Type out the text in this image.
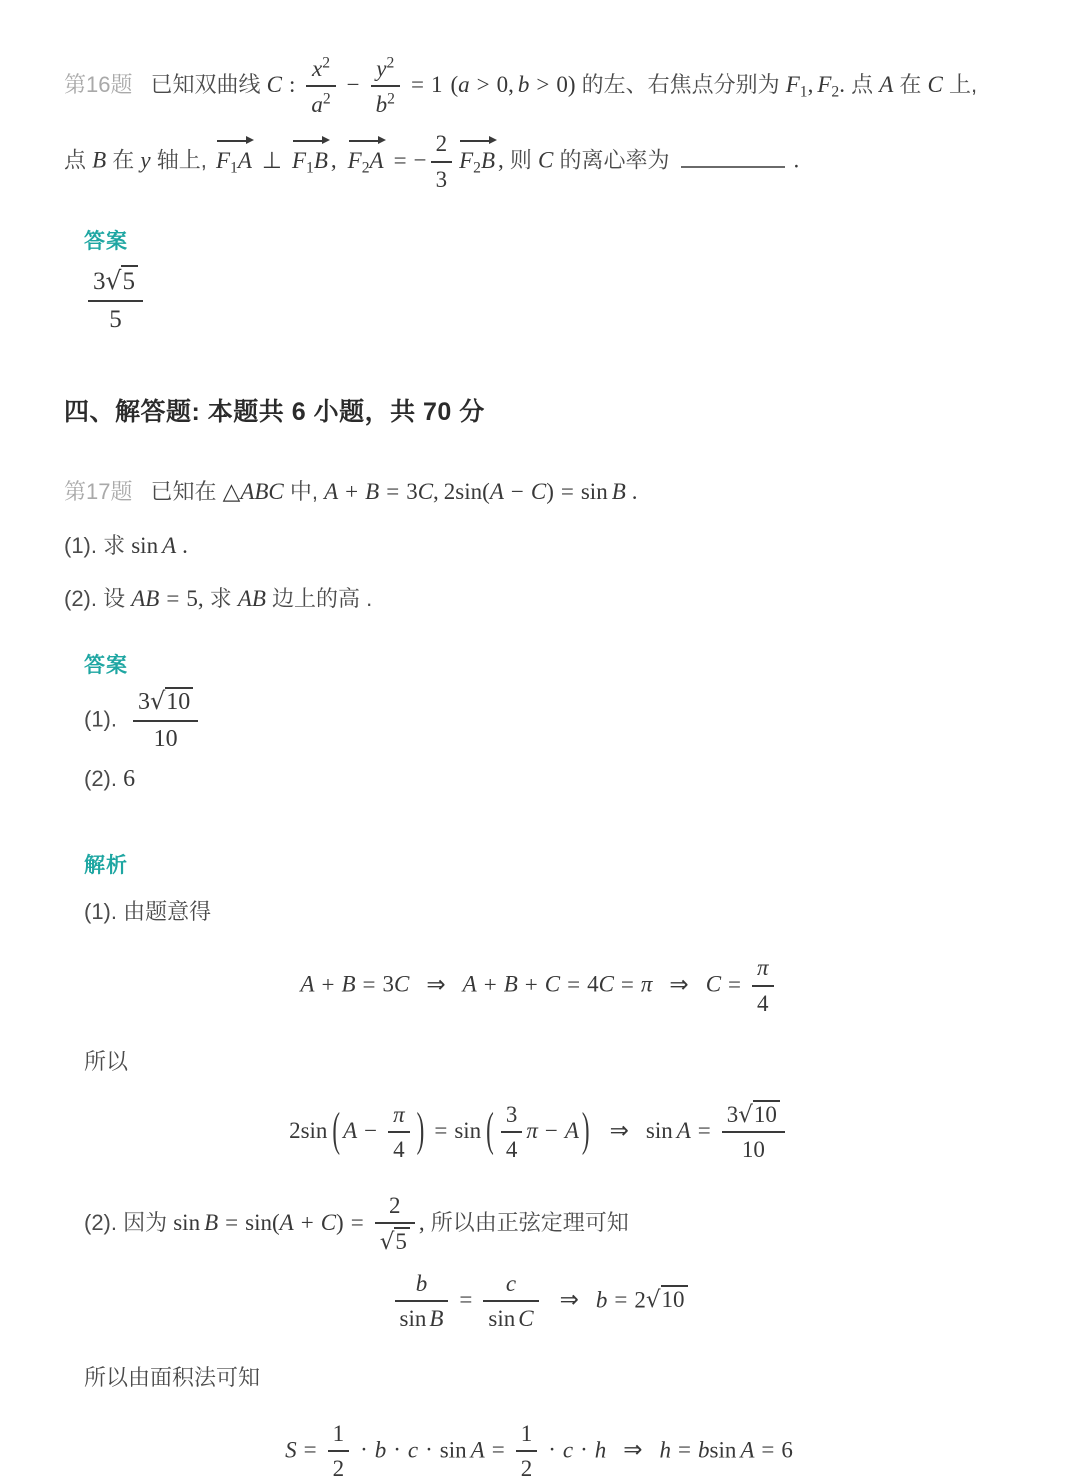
第16题 已知双曲线 C : $\frac{x^2}{a^2} - \frac{y^2}{b^2} = 1$ (a > 0, b > 0) 的左、右焦点分别为 $F_1$, $F_2$. 点 A 在 C 上,

点 B 在 y 轴上,
$F_1A$ ⊥ $F_1B$ , $F_2A$ = − $\frac{2}{3} F_2B$ , 则 C 的离心率为	.

答案
$\frac{3√5}{5}$
四、解答题: 本题共 6 小题，共 70 分

第17题 已知在 △ABC 中, A + B = 3C, 2sin(A − C) = sin B .

(1). 求 sin A .

(2). 设 AB = 5, 求 AB 边上的高 .

答案
(1). $\frac{3√10}{10}$
(2). 6
解析

(1). 由题意得

A + B = 3C ⇒ A + B + C = 4C = π ⇒ $C = \frac{\pi}{4}$

所以

2sin ( $A - \frac{\pi}{4}$ ) = sin ( $\frac{3}{4}$ π − A ) ⇒ $\sin A = \frac{3√10}{10}$
(2). 因为 $\sin B = \sin(A + C) = \frac{2}{√5}$ , 所以由正弦定理可知
$\frac{b}{\text{sin B}} = \frac{c}{\text{sin C}}$ ⇒ b = 2√10

所以由面积法可知

$S = \frac{1}{2} \cdot b \cdot c \cdot \sin A = \frac{1}{2} \cdot c \cdot h$ ⇒ h = bsin A = 6
